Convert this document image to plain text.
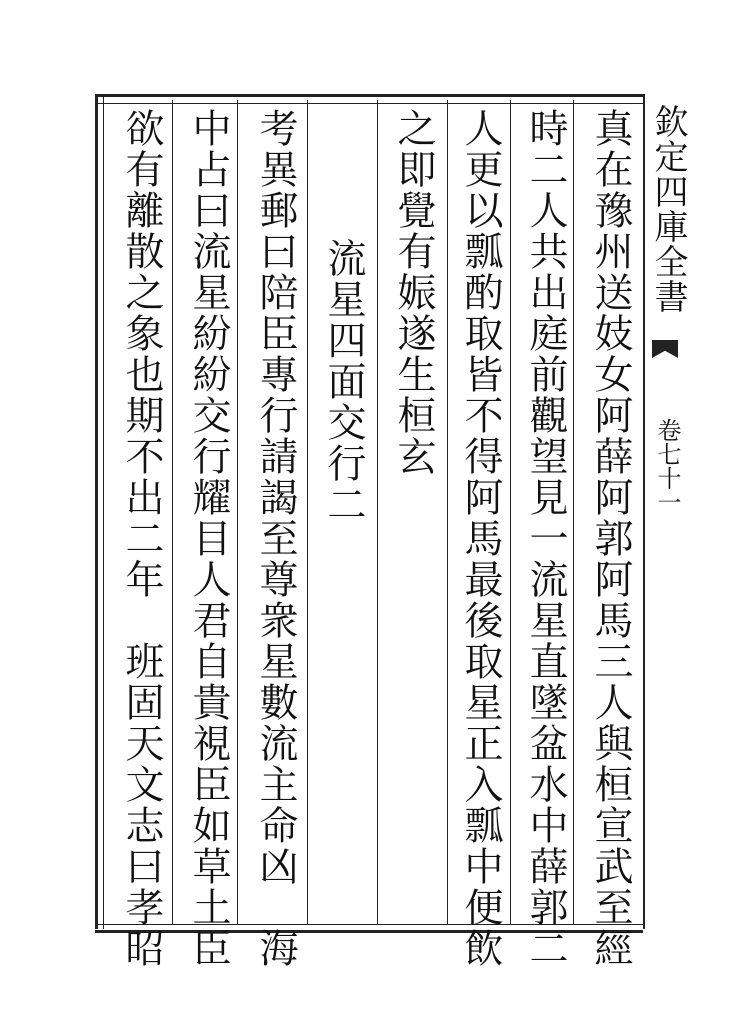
欽定四庫全書
卷七十一
真在豫州送妓女阿薛阿郭阿馬三人與桓宣武至經
時二人共出庭前觀望見一流星直墜盆水中薛郭二
人更以瓢酌取皆不得阿馬最後取星正入瓢中便飲
之即覺有娠遂生桓玄
流星四面交行二
考異郵曰陪臣專行請謁至尊衆星數流主命凶　海
中占曰流星紛紛交行耀目人君自貴視臣如草土臣
欲有離散之象也期不出二年　班固天文志曰孝昭
